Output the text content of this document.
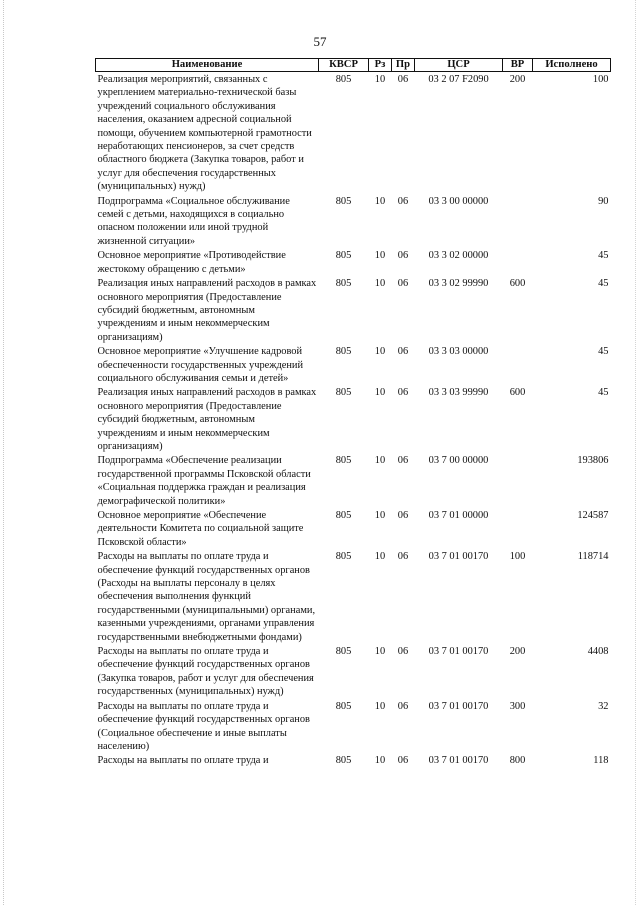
57
Наименование	КВСР	Рз	Пр	ЦСР	ВР	Исполнено
Реализация мероприятий, связанных с укреплением материально-технической базы учреждений социального обслуживания населения, оказанием адресной социальной помощи, обучением компьютерной грамотности неработающих пенсионеров, за счет средств областного бюджета (Закупка товаров, работ и услуг для обеспечения государственных (муниципальных) нужд)	805	10	06	03 2 07 F2090	200	100
Подпрограмма «Социальное обслуживание семей с детьми, находящихся в социально опасном положении или иной трудной жизненной ситуации»	805	10	06	03 3 00 00000		90
Основное мероприятие «Противодействие жестокому обращению с детьми»	805	10	06	03 3 02 00000		45
Реализация иных направлений расходов в рамках основного мероприятия (Предоставление субсидий бюджетным, автономным учреждениям и иным некоммерческим организациям)	805	10	06	03 3 02 99990	600	45
Основное мероприятие «Улучшение кадровой обеспеченности государственных учреждений социального обслуживания семьи и детей»	805	10	06	03 3 03 00000		45
Реализация иных направлений расходов в рамках основного мероприятия (Предоставление субсидий бюджетным, автономным учреждениям и иным некоммерческим организациям)	805	10	06	03 3 03 99990	600	45
Подпрограмма «Обеспечение реализации государственной программы Псковской области «Социальная поддержка граждан и реализация демографической политики»	805	10	06	03 7 00 00000		193806
Основное мероприятие «Обеспечение деятельности Комитета по социальной защите Псковской области»	805	10	06	03 7 01 00000		124587
Расходы на выплаты по оплате труда и обеспечение функций государственных органов (Расходы на выплаты персоналу в целях обеспечения выполнения функций государственными (муниципальными) органами, казенными учреждениями, органами управления государственными внебюджетными фондами)	805	10	06	03 7 01 00170	100	118714
Расходы на выплаты по оплате труда и обеспечение функций государственных органов (Закупка товаров, работ и услуг для обеспечения государственных (муниципальных) нужд)	805	10	06	03 7 01 00170	200	4408
Расходы на выплаты по оплате труда и обеспечение функций государственных органов (Социальное обеспечение и иные выплаты населению)	805	10	06	03 7 01 00170	300	32
Расходы на выплаты по оплате труда и	805	10	06	03 7 01 00170	800	118
